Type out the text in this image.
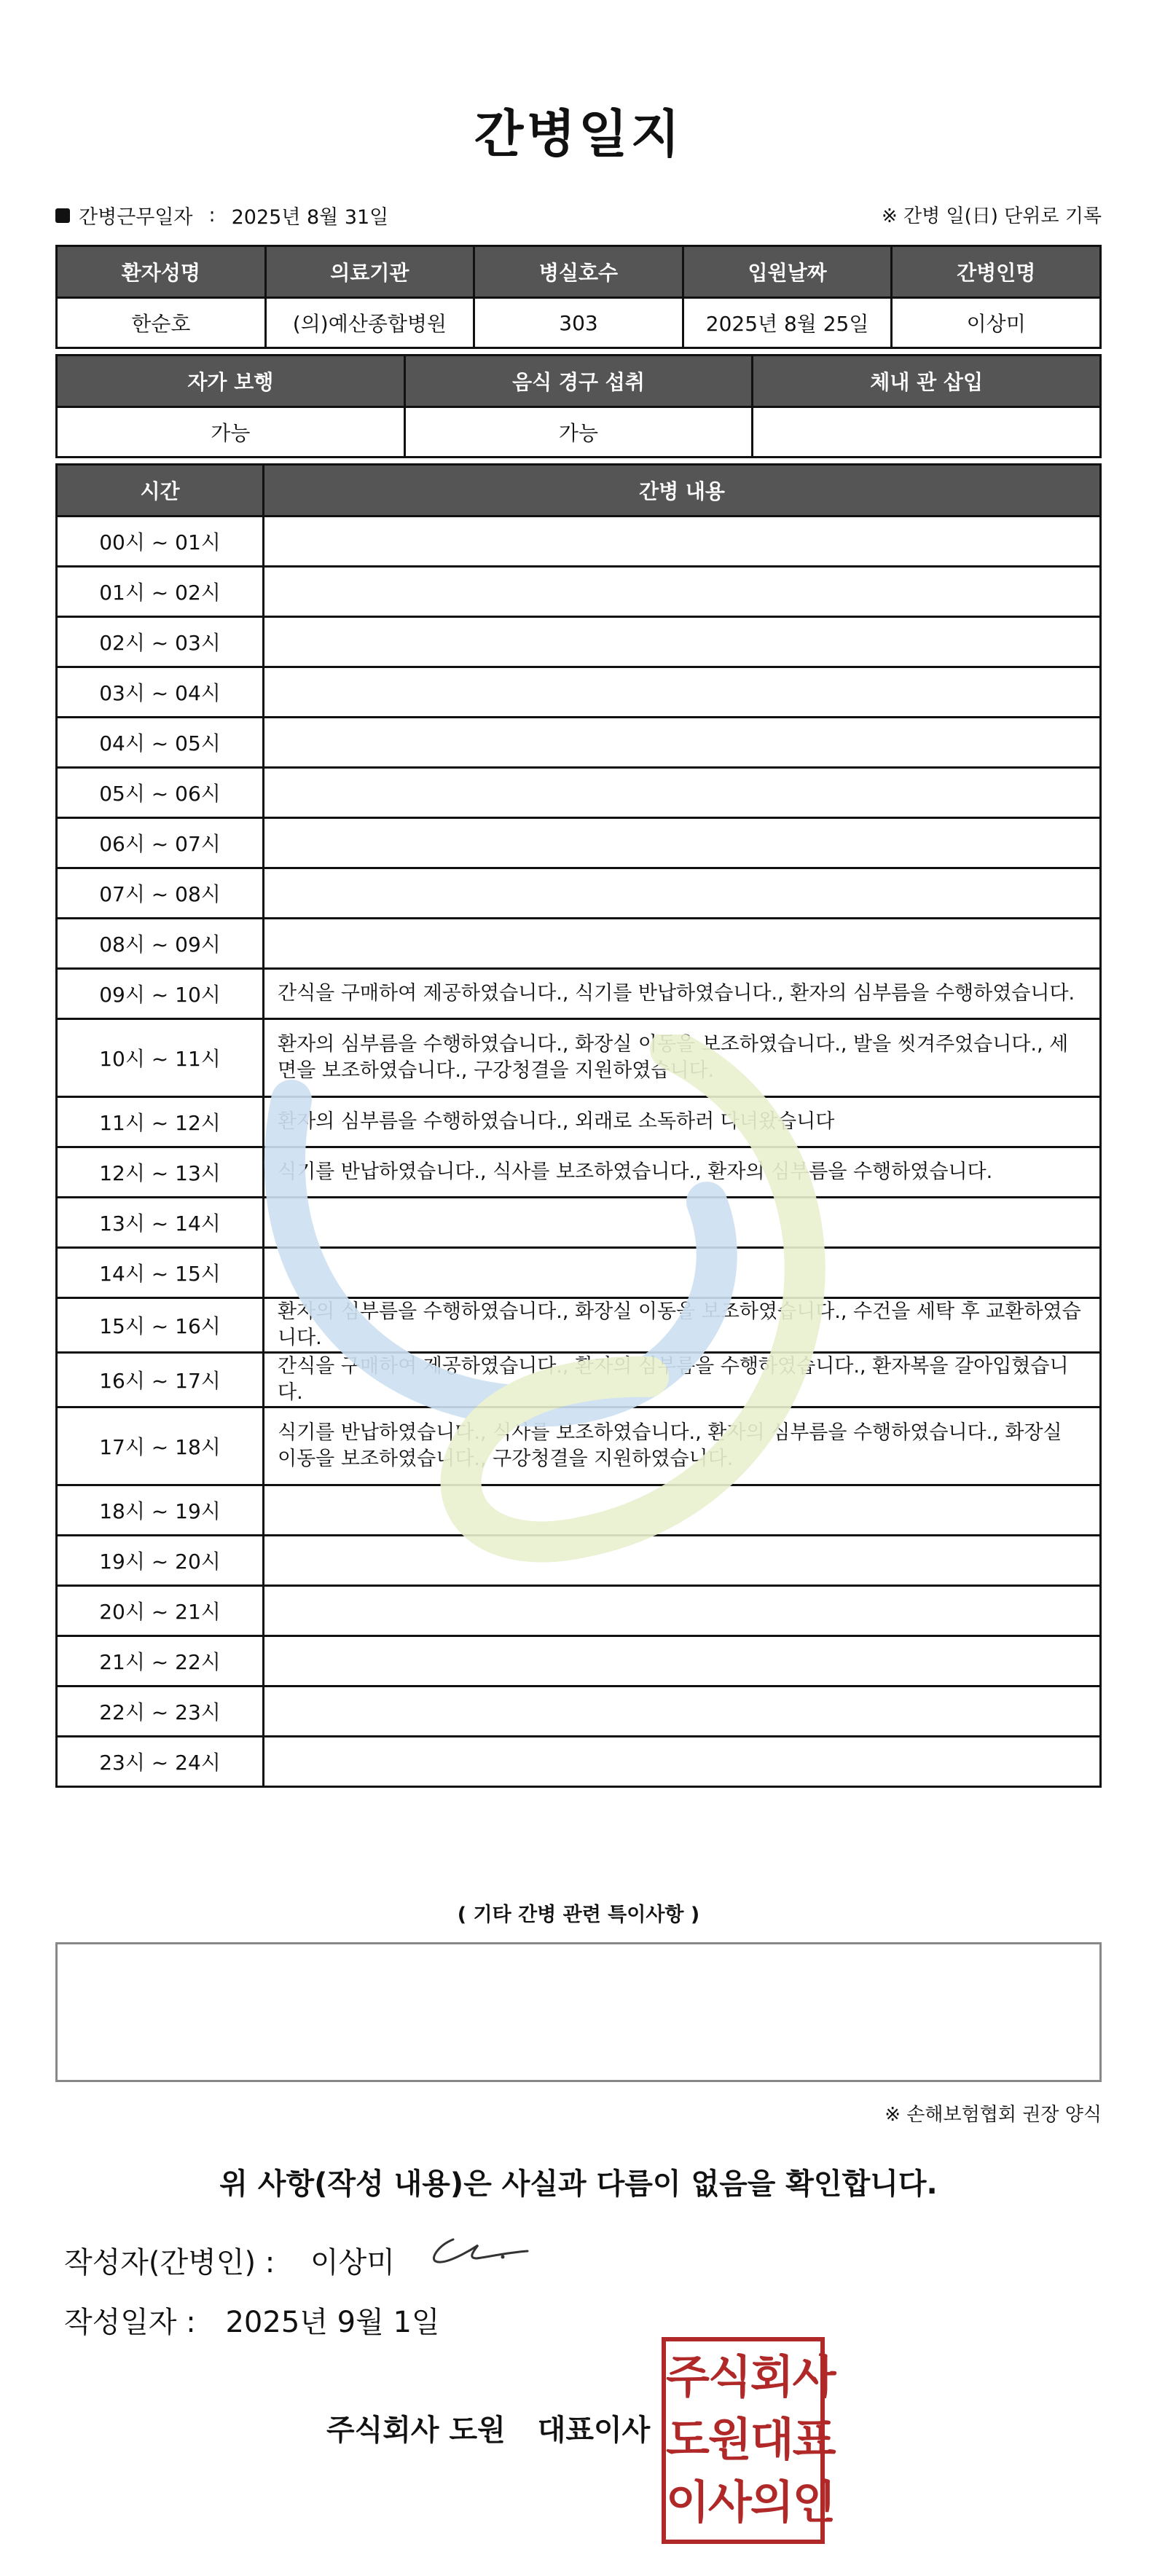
간병일지
간병근무일자 : 2025년 8월 31일	※ 간병 일(日) 단위로 기록
환자성명	의료기관	병실호수	입원날짜	간병인명
한순호	(의)예산종합병원	303	2025년 8월 25일	이상미
자가 보행	음식 경구 섭취	체내 관 삽입
가능	가능	
시간	간병 내용
00시 ~ 01시	
01시 ~ 02시	
02시 ~ 03시	
03시 ~ 04시	
04시 ~ 05시	
05시 ~ 06시	
06시 ~ 07시	
07시 ~ 08시	
08시 ~ 09시	
09시 ~ 10시	간식을 구매하여 제공하였습니다., 식기를 반납하였습니다., 환자의 심부름을 수행하였습니다.
10시 ~ 11시	환자의 심부름을 수행하였습니다., 화장실 이동을 보조하였습니다., 발을 씻겨주었습니다., 세면을 보조하였습니다., 구강청결을 지원하였습니다.
11시 ~ 12시	환자의 심부름을 수행하였습니다., 외래로 소독하러 다녀왔습니다
12시 ~ 13시	식기를 반납하였습니다., 식사를 보조하였습니다., 환자의 심부름을 수행하였습니다.
13시 ~ 14시	
14시 ~ 15시	
15시 ~ 16시	환자의 심부름을 수행하였습니다., 화장실 이동을 보조하였습니다., 수건을 세탁 후 교환하였습니다.
16시 ~ 17시	간식을 구매하여 제공하였습니다., 환자의 심부름을 수행하였습니다., 환자복을 갈아입혔습니다.
17시 ~ 18시	식기를 반납하였습니다., 식사를 보조하였습니다., 환자의 심부름을 수행하였습니다., 화장실 이동을 보조하였습니다., 구강청결을 지원하였습니다.
18시 ~ 19시	
19시 ~ 20시	
20시 ~ 21시	
21시 ~ 22시	
22시 ~ 23시	
23시 ~ 24시	
( 기타 간병 관련 특이사항 )
※ 손해보험협회 권장 양식
위 사항(작성 내용)은 사실과 다름이 없음을 확인합니다.
작성자(간병인) : 이상미
작성일자 : 2025년 9월 1일
주식회사 도원 대표이사
주식회사
도원대표
이사의인
